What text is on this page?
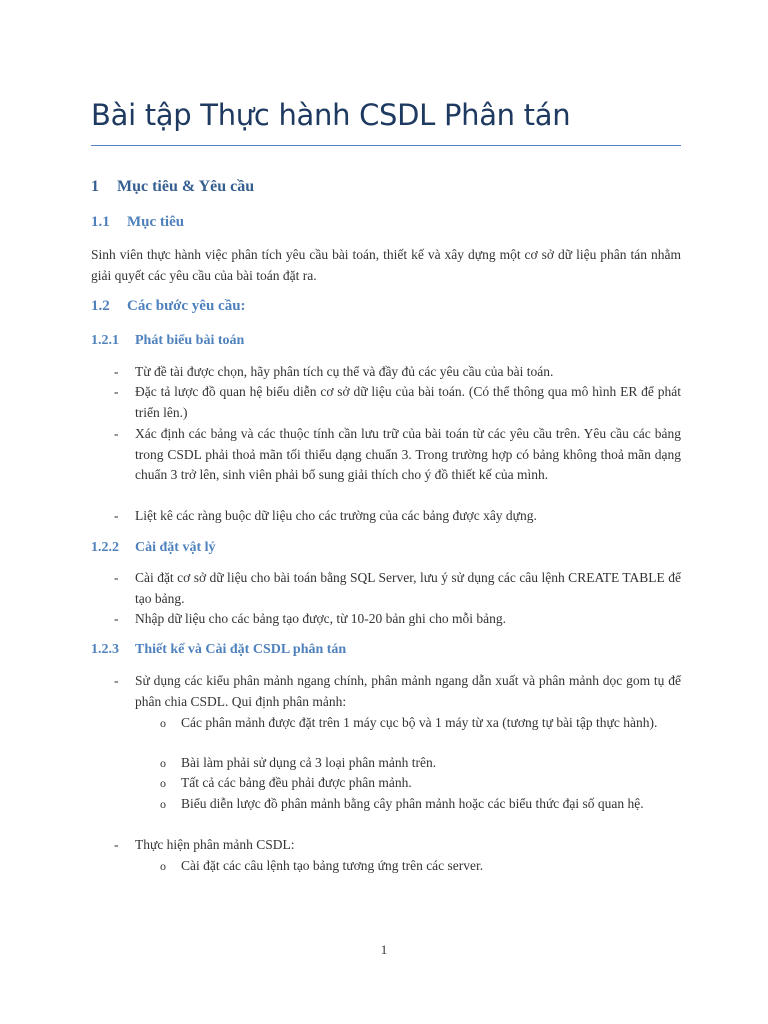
Bài tập Thực hành CSDL Phân tán
1 Mục tiêu & Yêu cầu
1.1 Mục tiêu
Sinh viên thực hành việc phân tích yêu cầu bài toán, thiết kế và xây dựng một cơ sở dữ liệu phân tán nhằm giải quyết các yêu cầu của bài toán đặt ra.
1.2 Các bước yêu cầu:
1.2.1 Phát biểu bài toán
- Từ đề tài được chọn, hãy phân tích cụ thể và đầy đủ các yêu cầu của bài toán.
- Đặc tả lược đồ quan hệ biểu diễn cơ sở dữ liệu của bài toán. (Có thể thông qua mô hình ER để phát triển lên.)
- Xác định các bảng và các thuộc tính cần lưu trữ của bài toán từ các yêu cầu trên. Yêu cầu các bảng trong CSDL phải thoả mãn tối thiểu dạng chuẩn 3. Trong trường hợp có bảng không thoả mãn dạng chuẩn 3 trở lên, sinh viên phải bổ sung giải thích cho ý đồ thiết kế của mình.
- Liệt kê các ràng buộc dữ liệu cho các trường của các bảng được xây dựng.
1.2.2 Cài đặt vật lý
- Cài đặt cơ sở dữ liệu cho bài toán bằng SQL Server, lưu ý sử dụng các câu lệnh CREATE TABLE để tạo bảng.
- Nhập dữ liệu cho các bảng tạo được, từ 10-20 bản ghi cho mỗi bảng.
1.2.3 Thiết kế và Cài đặt CSDL phân tán
- Sử dụng các kiểu phân mảnh ngang chính, phân mảnh ngang dẫn xuất và phân mảnh dọc gom tụ để phân chia CSDL. Qui định phân mảnh:
o Các phân mảnh được đặt trên 1 máy cục bộ và 1 máy từ xa (tương tự bài tập thực hành).
o Bài làm phải sử dụng cả 3 loại phân mảnh trên.
o Tất cả các bảng đều phải được phân mảnh.
o Biểu diễn lược đồ phân mảnh bằng cây phân mảnh hoặc các biểu thức đại số quan hệ.
- Thực hiện phân mảnh CSDL:
o Cài đặt các câu lệnh tạo bảng tương ứng trên các server.
1
